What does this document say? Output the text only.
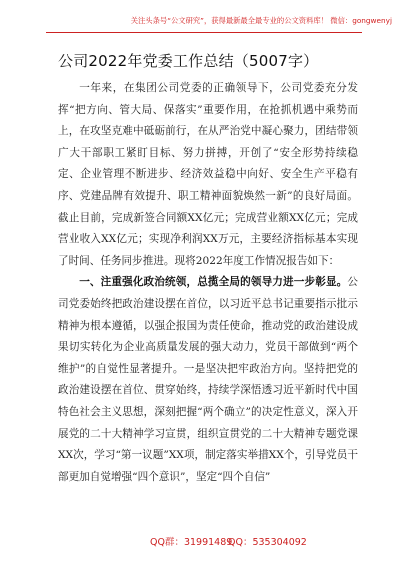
关注头条号“公文研究”，获得最新最全最专业的公文资料库！ 微信：gongwenyj
公司2022年党委工作总结（5007字）

一年来，在集团公司党委的正确领导下，公司党委充分发挥“把方向、管大局、保落实”重要作用，在抢抓机遇中乘势而上，在攻坚克难中砥砺前行，在从严治党中凝心聚力，团结带领广大干部职工紧盯目标、努力拼搏，开创了“安全形势持续稳定、企业管理不断进步、经济效益稳中向好、安全生产平稳有序、党建品牌有效提升、职工精神面貌焕然一新”的良好局面。截止目前，完成新签合同额XX亿元；完成营业额XX亿元；完成营业收入XX亿元；实现净利润XX万元，主要经济指标基本实现了时间、任务同步推进。现将2022年度工作情况报告如下：

一、注重强化政治统领，总揽全局的领导力进一步彰显。公司党委始终把政治建设摆在首位，以习近平总书记重要指示批示精神为根本遵循，以强企报国为责任使命，推动党的政治建设成果切实转化为企业高质量发展的强大动力，党员干部做到“两个维护”的自觉性显著提升。一是坚决把牢政治方向。坚持把党的政治建设摆在首位、贯穿始终，持续学深悟透习近平新时代中国特色社会主义思想，深刻把握“两个确立”的决定性意义，深入开展党的二十大精神学习宣贯，组织宣贯党的二十大精神专题党课XX次，学习“第一议题”XX项，制定落实举措XX个，引导党员干部更加自觉增强“四个意识”，坚定“四个自信”

QQ群：31991489
QQ：535304092
